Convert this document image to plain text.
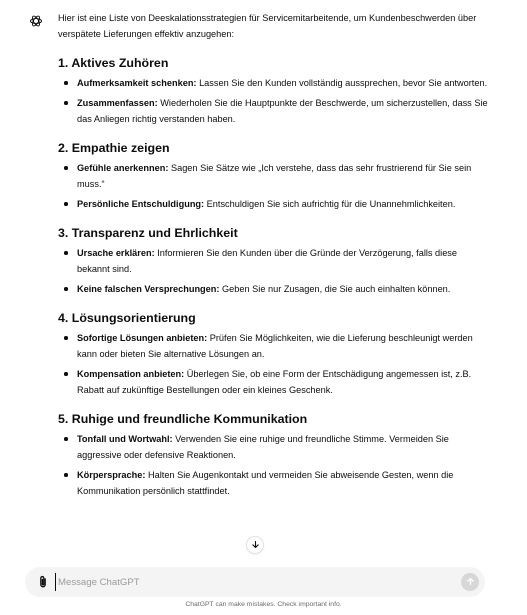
Hier ist eine Liste von Deeskalationsstrategien für Servicemitarbeitende, um Kundenbeschwerden über verspätete Lieferungen effektiv anzugehen:

1. Aktives Zuhören
Aufmerksamkeit schenken: Lassen Sie den Kunden vollständig aussprechen, bevor Sie antworten.
Zusammenfassen: Wiederholen Sie die Hauptpunkte der Beschwerde, um sicherzustellen, dass Sie das Anliegen richtig verstanden haben.
2. Empathie zeigen
Gefühle anerkennen: Sagen Sie Sätze wie „Ich verstehe, dass das sehr frustrierend für Sie sein muss.“
Persönliche Entschuldigung: Entschuldigen Sie sich aufrichtig für die Unannehmlichkeiten.
3. Transparenz und Ehrlichkeit
Ursache erklären: Informieren Sie den Kunden über die Gründe der Verzögerung, falls diese bekannt sind.
Keine falschen Versprechungen: Geben Sie nur Zusagen, die Sie auch einhalten können.
4. Lösungsorientierung
Sofortige Lösungen anbieten: Prüfen Sie Möglichkeiten, wie die Lieferung beschleunigt werden kann oder bieten Sie alternative Lösungen an.
Kompensation anbieten: Überlegen Sie, ob eine Form der Entschädigung angemessen ist, z.B. Rabatt auf zukünftige Bestellungen oder ein kleines Geschenk.
5. Ruhige und freundliche Kommunikation
Tonfall und Wortwahl: Verwenden Sie eine ruhige und freundliche Stimme. Vermeiden Sie aggressive oder defensive Reaktionen.
Körpersprache: Halten Sie Augenkontakt und vermeiden Sie abweisende Gesten, wenn die Kommunikation persönlich stattfindet.
Message ChatGPT
ChatGPT can make mistakes. Check important info.
